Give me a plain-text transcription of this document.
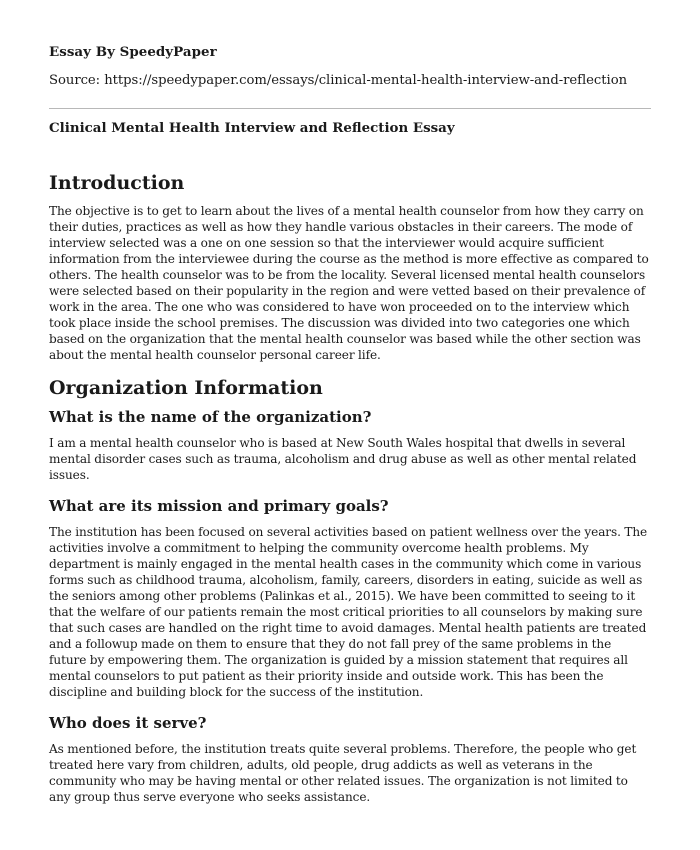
Essay By SpeedyPaper
Source: https://speedypaper.com/essays/clinical-mental-health-interview-and-reflection
Clinical Mental Health Interview and Reflection Essay
Introduction

The objective is to get to learn about the lives of a mental health counselor from how they carry on their duties, practices as well as how they handle various obstacles in their careers. The mode of interview selected was a one on one session so that the interviewer would acquire sufficient information from the interviewee during the course as the method is more effective as compared to others. The health counselor was to be from the locality. Several licensed mental health counselors were selected based on their popularity in the region and were vetted based on their prevalence of work in the area. The one who was considered to have won proceeded on to the interview which took place inside the school premises. The discussion was divided into two categories one which based on the organization that the mental health counselor was based while the other section was about the mental health counselor personal career life.

Organization Information
What is the name of the organization?

I am a mental health counselor who is based at New South Wales hospital that dwells in several mental disorder cases such as trauma, alcoholism and drug abuse as well as other mental related issues.

What are its mission and primary goals?

The institution has been focused on several activities based on patient wellness over the years. The activities involve a commitment to helping the community overcome health problems. My department is mainly engaged in the mental health cases in the community which come in various forms such as childhood trauma, alcoholism, family, careers, disorders in eating, suicide as well as the seniors among other problems (Palinkas et al., 2015). We have been committed to seeing to it that the welfare of our patients remain the most critical priorities to all counselors by making sure that such cases are handled on the right time to avoid damages. Mental health patients are treated and a followup made on them to ensure that they do not fall prey of the same problems in the future by empowering them. The organization is guided by a mission statement that requires all mental counselors to put patient as their priority inside and outside work. This has been the discipline and building block for the success of the institution.

Who does it serve?

As mentioned before, the institution treats quite several problems. Therefore, the people who get treated here vary from children, adults, old people, drug addicts as well as veterans in the community who may be having mental or other related issues. The organization is not limited to any group thus serve everyone who seeks assistance.
